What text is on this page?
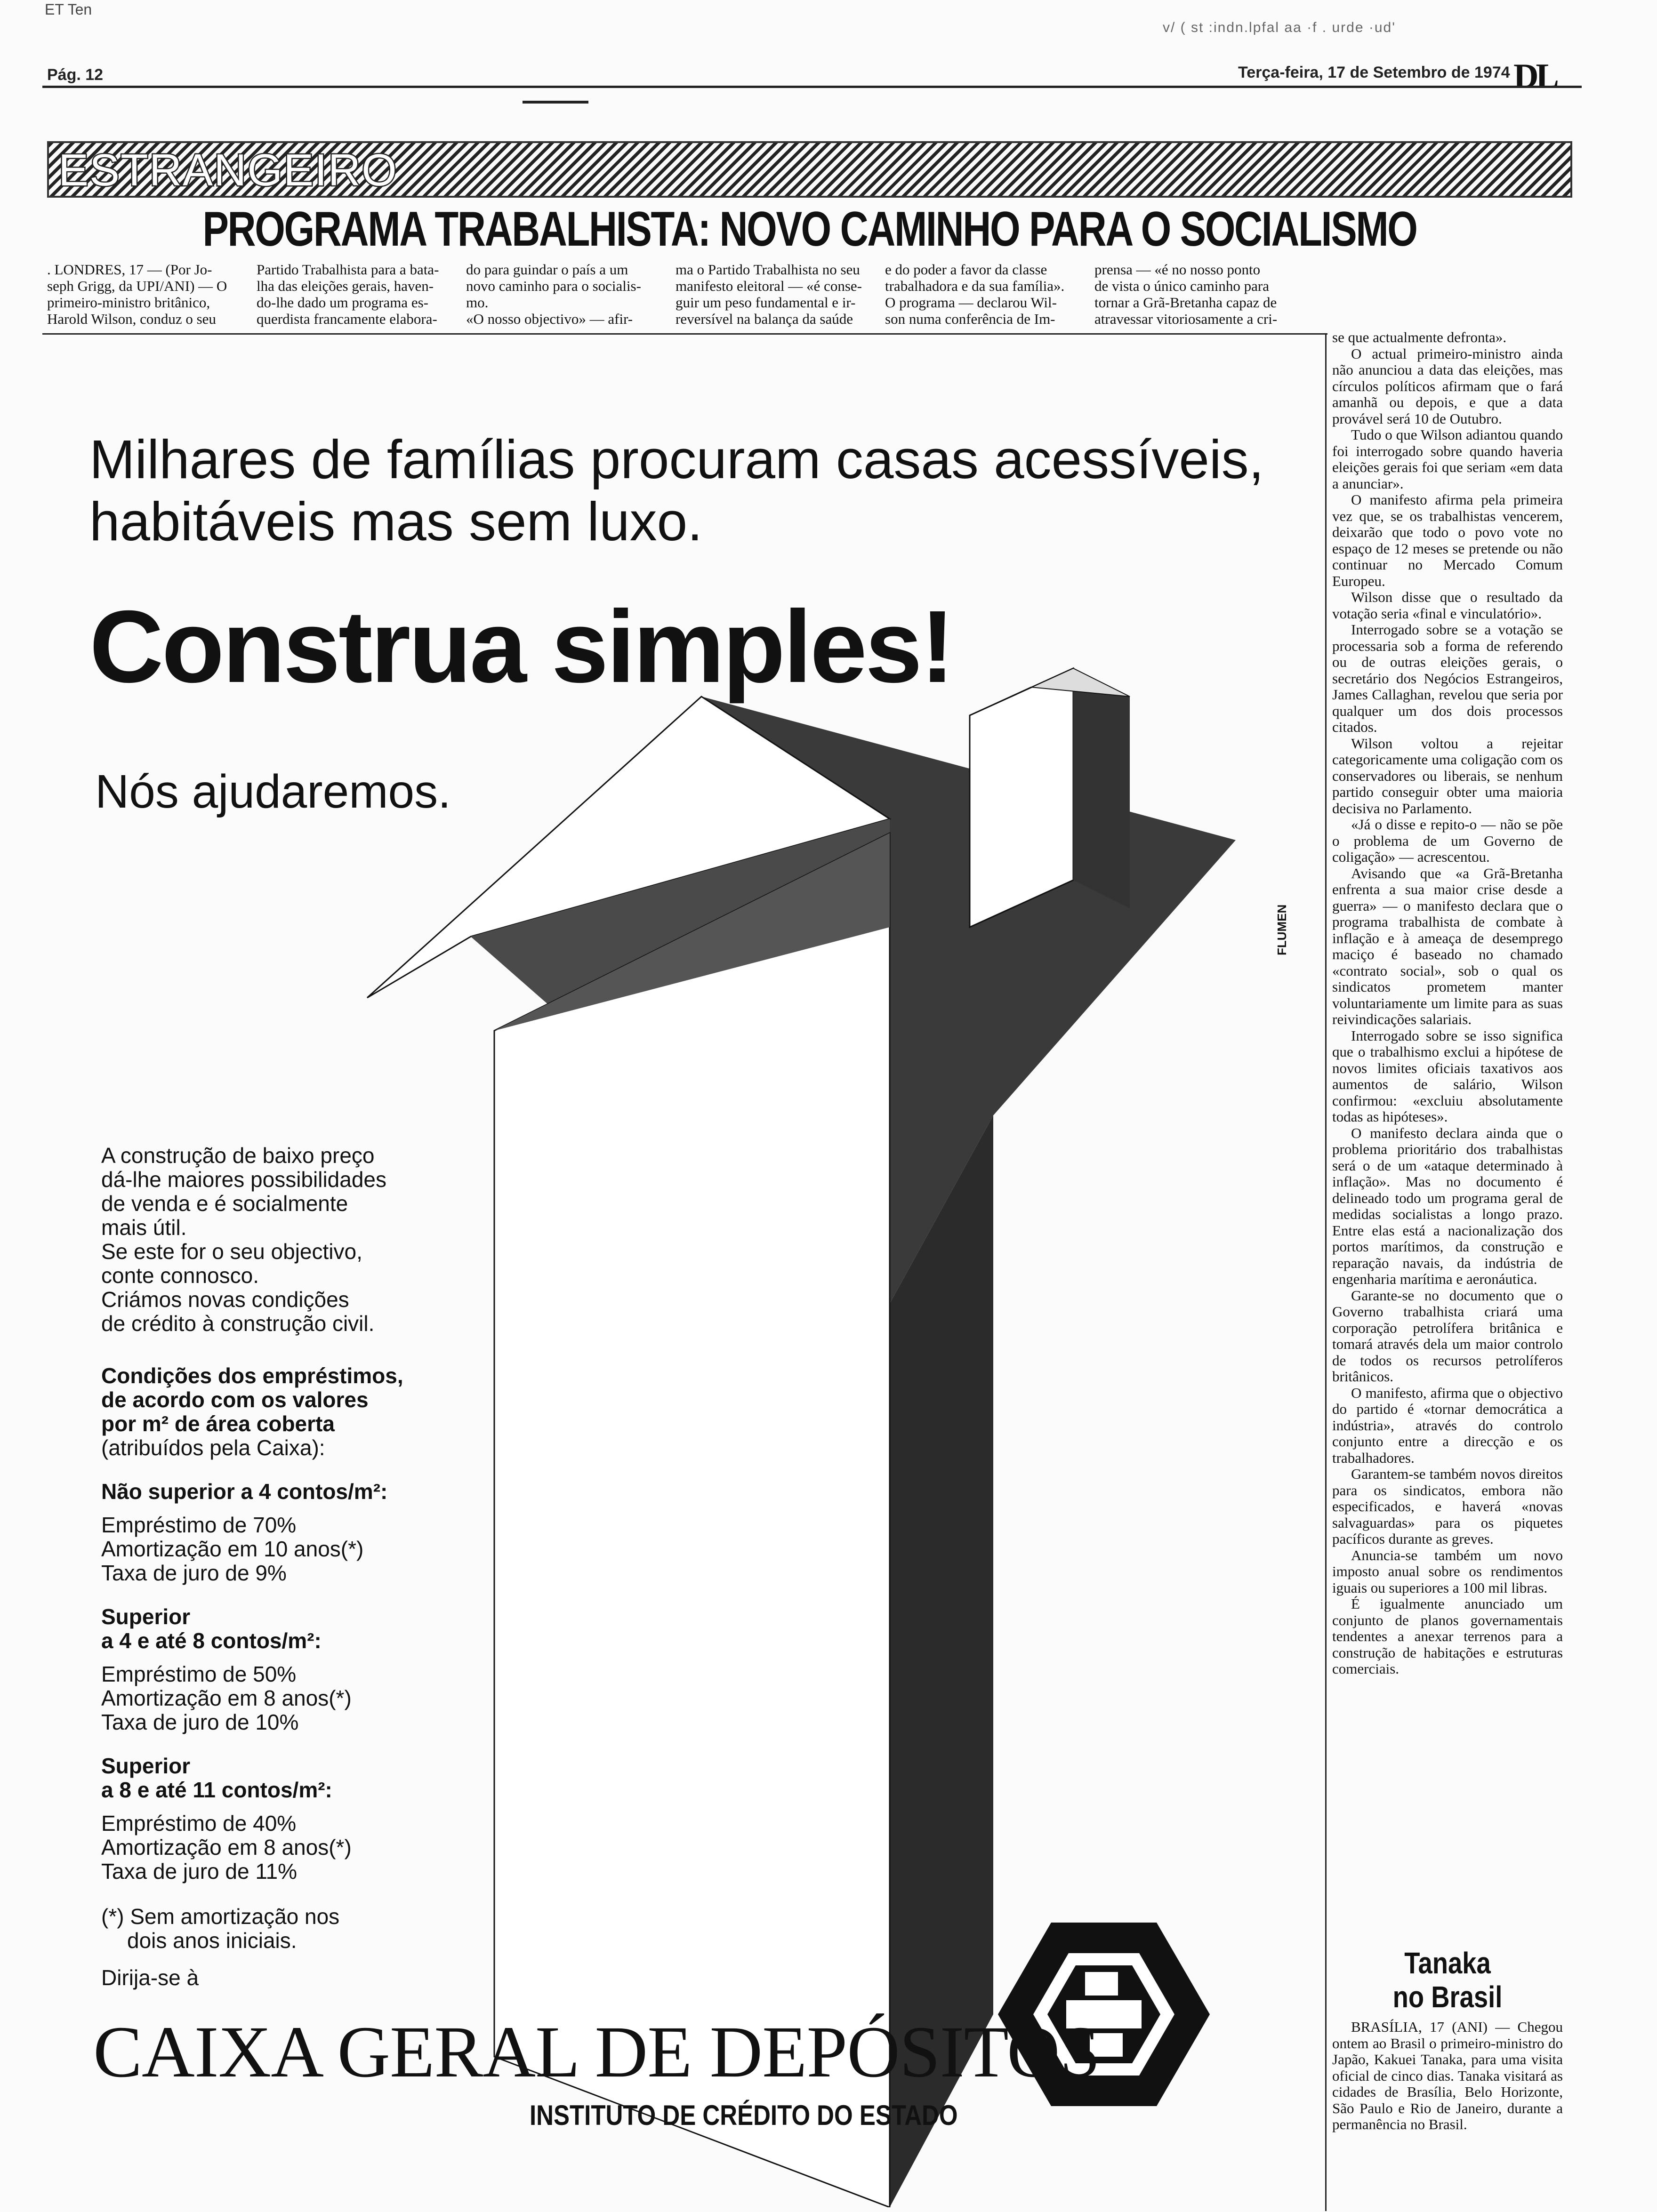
ET Ten
v/ ( st :indn.lpfal aa ·f . urde ·ud'
Pág. 12	Terça-feira, 17 de Setembro de 1974 DL
ESTRANGEIRO
PROGRAMA TRABALHISTA: NOVO CAMINHO PARA O SOCIALISMO
. LONDRES, 17 — (Por Jo-
seph Grigg, da UPI/ANI) — O
primeiro-ministro britânico,
Harold Wilson, conduz o seu
Partido Trabalhista para a bata-
lha das eleições gerais, haven-
do-lhe dado um programa es-
querdista francamente elabora-
do para guindar o país a um
novo caminho para o socialis-
mo.
«O nosso objectivo» — afir-
ma o Partido Trabalhista no seu
manifesto eleitoral — «é conse-
guir um peso fundamental e ir-
reversível na balança da saúde
e do poder a favor da classe
trabalhadora e da sua família».
O programa — declarou Wil-
son numa conferência de Im-
prensa — «é no nosso ponto
de vista o único caminho para
tornar a Grã-Bretanha capaz de
atravessar vitoriosamente a cri-

se que actualmente defronta».

O actual primeiro-ministro ainda não anunciou a data das eleições, mas círculos políticos afirmam que o fará amanhã ou depois, e que a data provável será 10 de Outubro.

Tudo o que Wilson adiantou quando foi interrogado sobre quando haveria eleições gerais foi que seriam «em data a anunciar».

O manifesto afirma pela primeira vez que, se os trabalhistas vencerem, deixarão que todo o povo vote no espaço de 12 meses se pretende ou não continuar no Mercado Comum Europeu.

Wilson disse que o resultado da votação seria «final e vinculatório».

Interrogado sobre se a votação se processaria sob a forma de referendo ou de outras eleições gerais, o secretário dos Negócios Estrangeiros, James Callaghan, revelou que seria por qualquer um dos dois processos citados.

Wilson voltou a rejeitar categoricamente uma coligação com os conservadores ou liberais, se nenhum partido conseguir obter uma maioria decisiva no Parlamento.

«Já o disse e repito-o — não se põe o problema de um Governo de coligação» — acrescentou.

Avisando que «a Grã-Bretanha enfrenta a sua maior crise desde a guerra» — o manifesto declara que o programa trabalhista de combate à inflação e à ameaça de desemprego maciço é baseado no chamado «contrato social», sob o qual os sindicatos prometem manter voluntariamente um limite para as suas reivindicações salariais.

Interrogado sobre se isso significa que o trabalhismo exclui a hipótese de novos limites oficiais taxativos aos aumentos de salário, Wilson confirmou: «excluiu absolutamente todas as hipóteses».

O manifesto declara ainda que o problema prioritário dos trabalhistas será o de um «ataque determinado à inflação». Mas no documento é delineado todo um programa geral de medidas socialistas a longo prazo. Entre elas está a nacionalização dos portos marítimos, da construção e reparação navais, da indústria de engenharia marítima e aeronáutica.

Garante-se no documento que o Governo trabalhista criará uma corporação petrolífera britânica e tomará através dela um maior controlo de todos os recursos petrolíferos britânicos.

O manifesto, afirma que o objectivo do partido é «tornar democrática a indústria», através do controlo conjunto entre a direcção e os trabalhadores.

Garantem-se também novos direitos para os sindicatos, embora não especificados, e haverá «novas salvaguardas» para os piquetes pacíficos durante as greves.

Anuncia-se também um novo imposto anual sobre os rendimentos iguais ou superiores a 100 mil libras.

É igualmente anunciado um conjunto de planos governamentais tendentes a anexar terrenos para a construção de habitações e estruturas comerciais.

Tanaka
no Brasil

BRASÍLIA, 17 (ANI) — Chegou ontem ao Brasil o primeiro-ministro do Japão, Kakuei Tanaka, para uma visita oficial de cinco dias. Tanaka visitará as cidades de Brasília, Belo Horizonte, São Paulo e Rio de Janeiro, durante a permanência no Brasil.

Milhares de famílias procuram casas acessíveis,
habitáveis mas sem luxo.
Construa simples!
Nós ajudaremos.
A construção de baixo preço
dá-lhe maiores possibilidades
de venda e é socialmente
mais útil.
Se este for o seu objectivo,
conte connosco.
Criámos novas condições
de crédito à construção civil.
Condições dos empréstimos,
de acordo com os valores
por m² de área coberta
(atribuídos pela Caixa):
Não superior a 4 contos/m²:
Empréstimo de 70%
Amortização em 10 anos(*)
Taxa de juro de 9%
Superior
a 4 e até 8 contos/m²:
Empréstimo de 50%
Amortização em 8 anos(*)
Taxa de juro de 10%
Superior
a 8 e até 11 contos/m²:
Empréstimo de 40%
Amortização em 8 anos(*)
Taxa de juro de 11%
(*) Sem amortização nos
dois anos iniciais.
Dirija-se à
CAIXA GERAL DE DEPÓSITOS
INSTITUTO DE CRÉDITO DO ESTADO
FLUMEN
